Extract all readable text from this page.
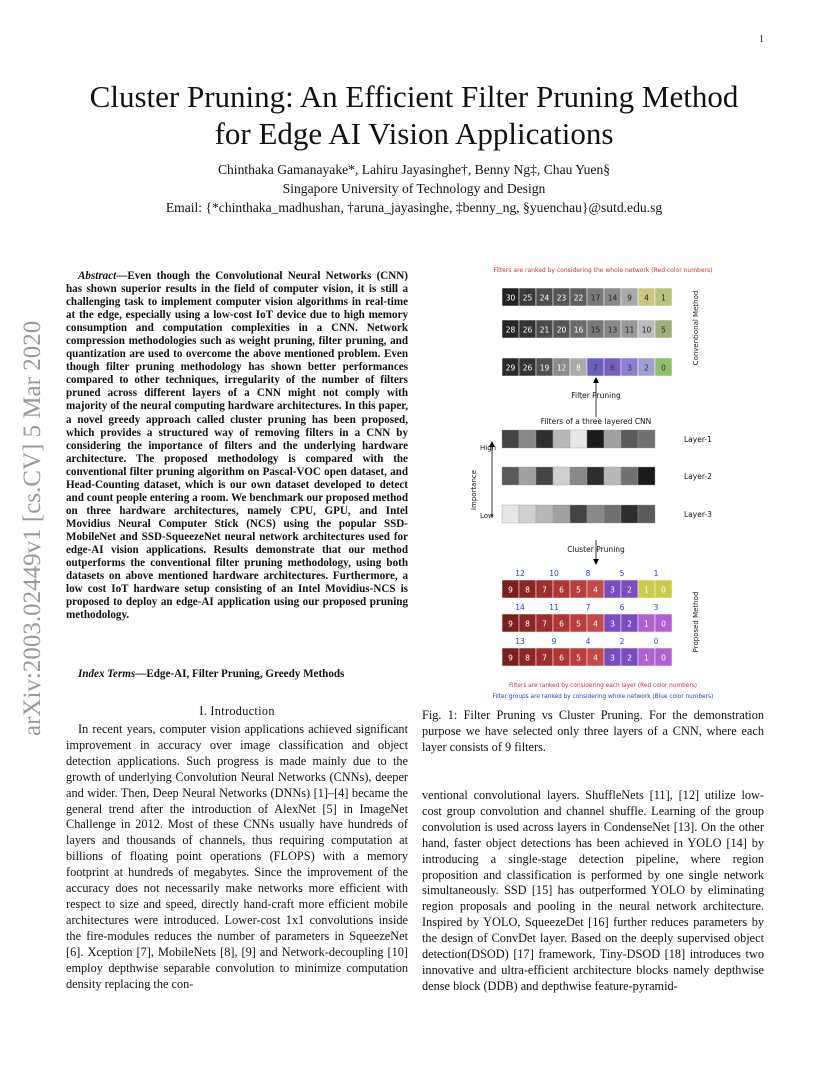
1
arXiv:2003.02449v1 [cs.CV] 5 Mar 2020
Cluster Pruning: An Efficient Filter Pruning Method
for Edge AI Vision Applications
Chinthaka Gamanayake*, Lahiru Jayasinghe†, Benny Ng‡, Chau Yuen§
Singapore University of Technology and Design
Email: {*chinthaka_madhushan, †aruna_jayasinghe, ‡benny_ng, §yuenchau}@sutd.edu.sg

Abstract—Even though the Convolutional Neural Networks (CNN) has shown superior results in the field of computer vision, it is still a challenging task to implement computer vision algorithms in real-time at the edge, especially using a low-cost IoT device due to high memory consumption and computation complexities in a CNN. Network compression methodologies such as weight pruning, filter pruning, and quantization are used to overcome the above mentioned problem. Even though filter pruning methodology has shown better performances compared to other techniques, irregularity of the number of filters pruned across different layers of a CNN might not comply with majority of the neural computing hardware architectures. In this paper, a novel greedy approach called cluster pruning has been proposed, which provides a structured way of removing filters in a CNN by considering the importance of filters and the underlying hardware architecture. The proposed methodology is compared with the conventional filter pruning algorithm on Pascal-VOC open dataset, and Head-Counting dataset, which is our own dataset developed to detect and count people entering a room. We benchmark our proposed method on three hardware architectures, namely CPU, GPU, and Intel Movidius Neural Computer Stick (NCS) using the popular SSD-MobileNet and SSD-SqueezeNet neural network architectures used for edge-AI vision applications. Results demonstrate that our method outperforms the conventional filter pruning methodology, using both datasets on above mentioned hardware architectures. Furthermore, a low cost IoT hardware setup consisting of an Intel Movidius-NCS is proposed to deploy an edge-AI application using our proposed pruning methodology.

Index Terms—Edge-AI, Filter Pruning, Greedy Methods

I. Introduction

In recent years, computer vision applications achieved significant improvement in accuracy over image classification and object detection applications. Such progress is made mainly due to the growth of underlying Convolution Neural Networks (CNNs), deeper and wider. Then, Deep Neural Networks (DNNs) [1]–[4] became the general trend after the introduction of AlexNet [5] in ImageNet Challenge in 2012. Most of these CNNs usually have hundreds of layers and thousands of channels, thus requiring computation at billions of floating point operations (FLOPS) with a memory footprint at hundreds of megabytes. Since the improvement of the accuracy does not necessarily make networks more efficient with respect to size and speed, directly hand-craft more efficient mobile architectures were introduced. Lower-cost 1x1 convolutions inside the fire-modules reduces the number of parameters in SqueezeNet [6]. Xception [7], MobileNets [8], [9] and Network-decoupling [10] employ depthwise separable convolution to minimize computation density replacing the con-

Filters are ranked by considering the whole network (Red color numbers)
30 25 24 23 22 17 14 9 4 1
28 26 21 20 16 15 13 11 10 5
29 26 19 12 8 7 6 3 2 0
Conventional Method
Filter Pruning
Filters of a three layered CNN
Layer-1
Layer-2
Layer-3
High
Low
Importance
Cluster Pruning
12	10	8	5	1
9 8 7 6 5 4 3 2 1 0
14	11	7	6	3
9 8 7 6 5 4 3 2 1 0
13	9	4	2	0
9 8 7 6 5 4 3 2 1 0
Proposed Method
Filters are ranked by considering each layer (Red color numbers)
Filter groups are ranked by considering whole network (Blue color numbers)

Fig. 1: Filter Pruning vs Cluster Pruning. For the demonstration purpose we have selected only three layers of a CNN, where each layer consists of 9 filters.

ventional convolutional layers. ShuffleNets [11], [12] utilize low-cost group convolution and channel shuffle. Learning of the group convolution is used across layers in CondenseNet [13]. On the other hand, faster object detections has been achieved in YOLO [14] by introducing a single-stage detection pipeline, where region proposition and classification is performed by one single network simultaneously. SSD [15] has outperformed YOLO by eliminating region proposals and pooling in the neural network architecture. Inspired by YOLO, SqueezeDet [16] further reduces parameters by the design of ConvDet layer. Based on the deeply supervised object detection(DSOD) [17] framework, Tiny-DSOD [18] introduces two innovative and ultra-efficient architecture blocks namely depthwise dense block (DDB) and depthwise feature-pyramid-
